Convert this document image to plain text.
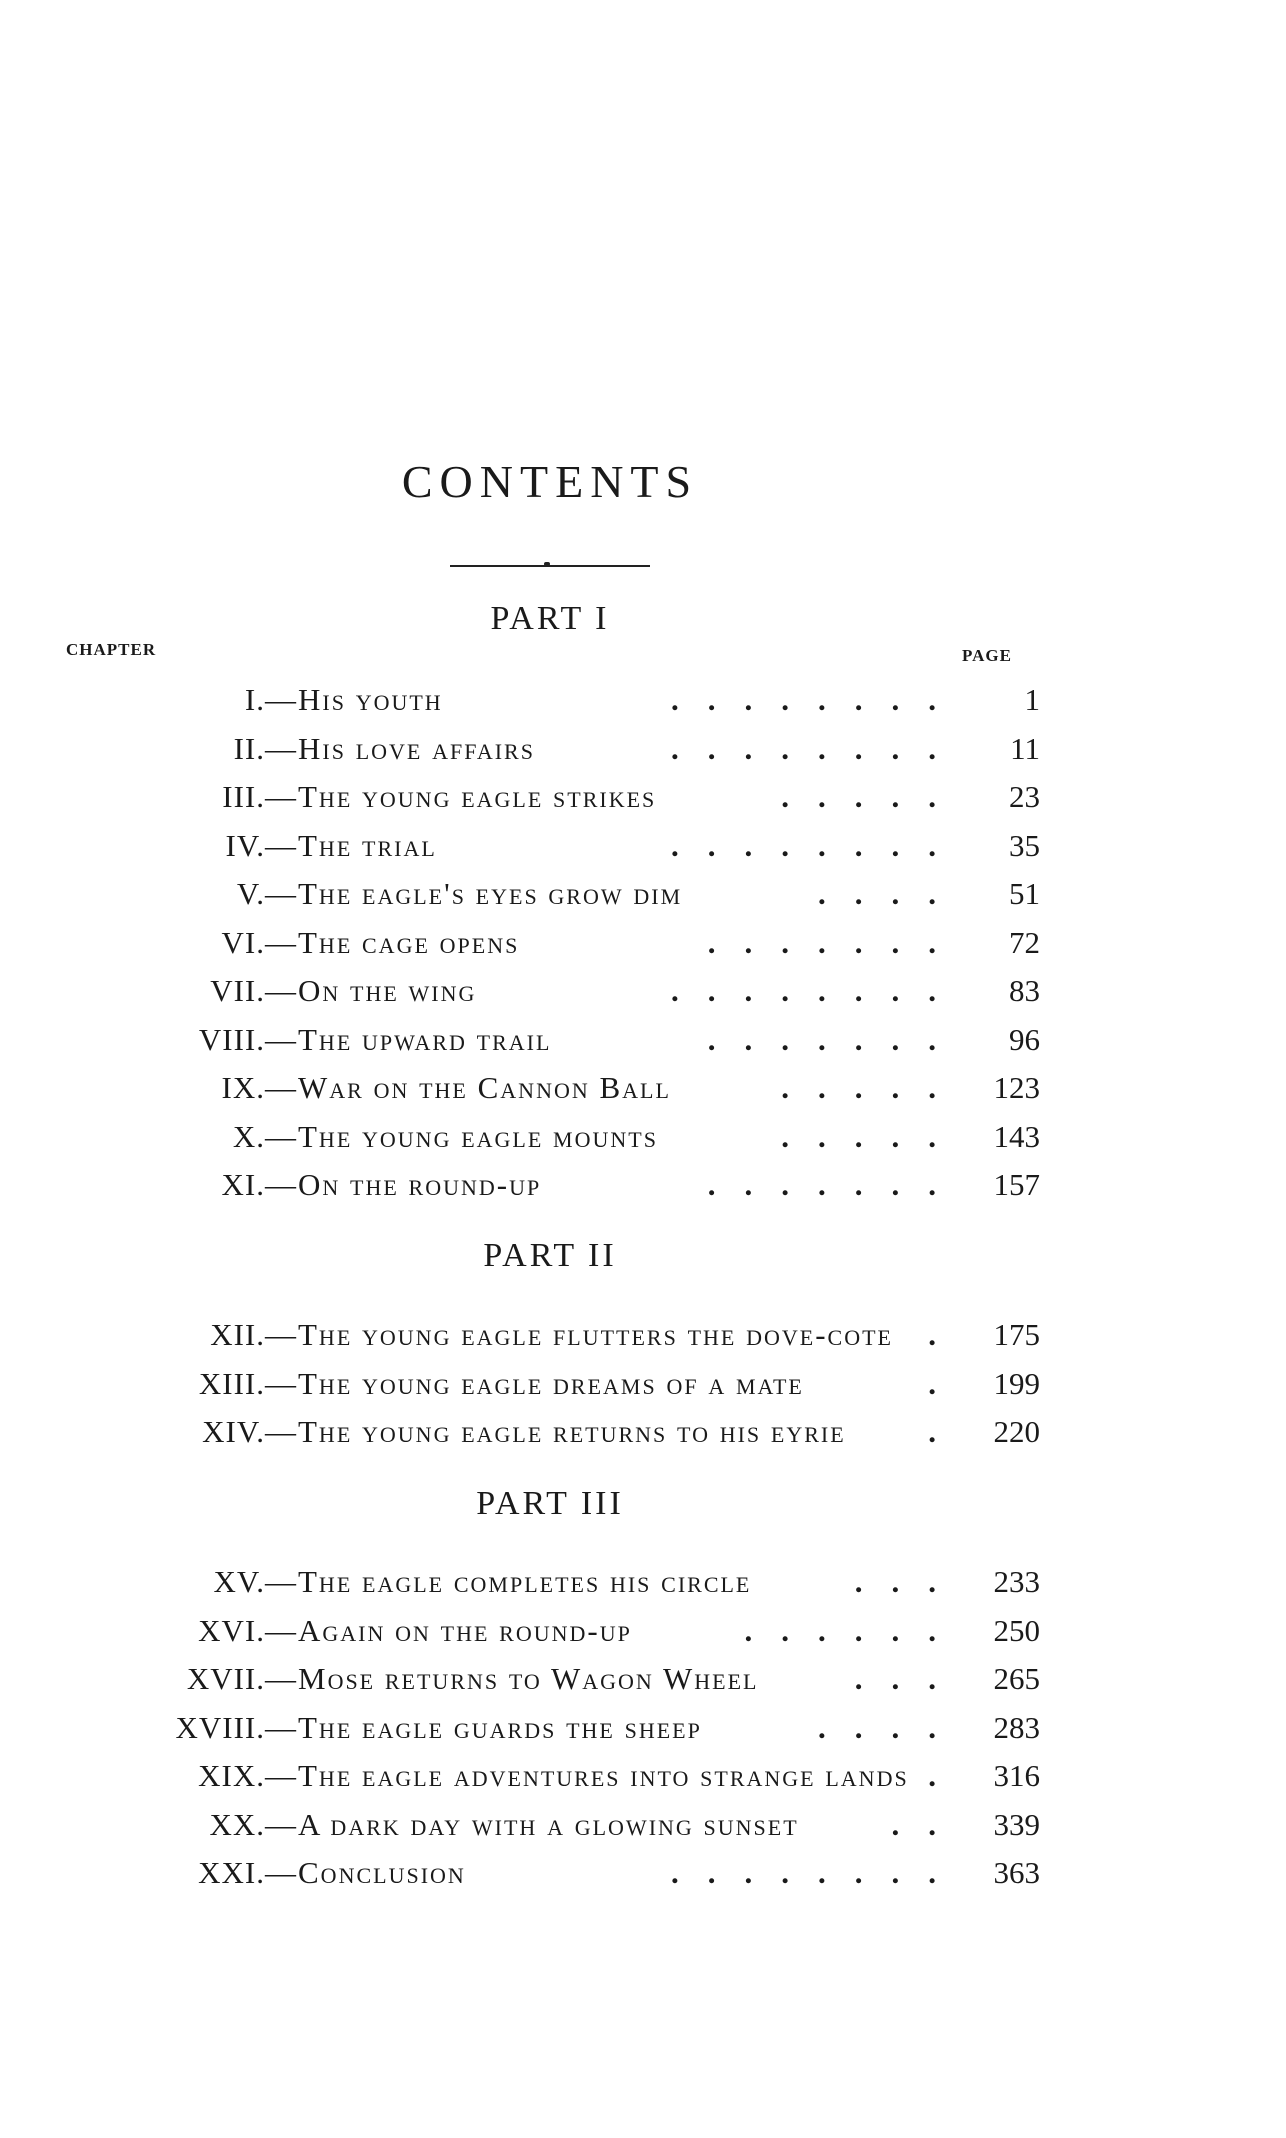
CONTENTS
PART I
CHAPTER	PAGE
I. —His youth	........	1
II. —His love affairs	........	11
III. —The young eagle strikes	.....	23
IV. —The trial	........	35
V. —The eagle's eyes grow dim	....	51
VI. —The cage opens	.......	72
VII. —On the wing	........	83
VIII. —The upward trail	.......	96
IX. —War on the Cannon Ball	..... 123
X. —The young eagle mounts	..... 143
XI. —On the round-up	....... 157
PART II
XII. —The young eagle flutters the dove-cote . 175
XIII. —The young eagle dreams of a mate	. 199
XIV. —The young eagle returns to his eyrie	. 220
PART III
XV. —The eagle completes his circle	... 233
XVI. —Again on the round-up	...... 250
XVII. —Mose returns to Wagon Wheel	... 265
XVIII. —The eagle guards the sheep	.... 283
XIX. —The eagle adventures into strange lands . 316
XX. —A dark day with a glowing sunset	.. 339
XXI. —Conclusion	........ 363
